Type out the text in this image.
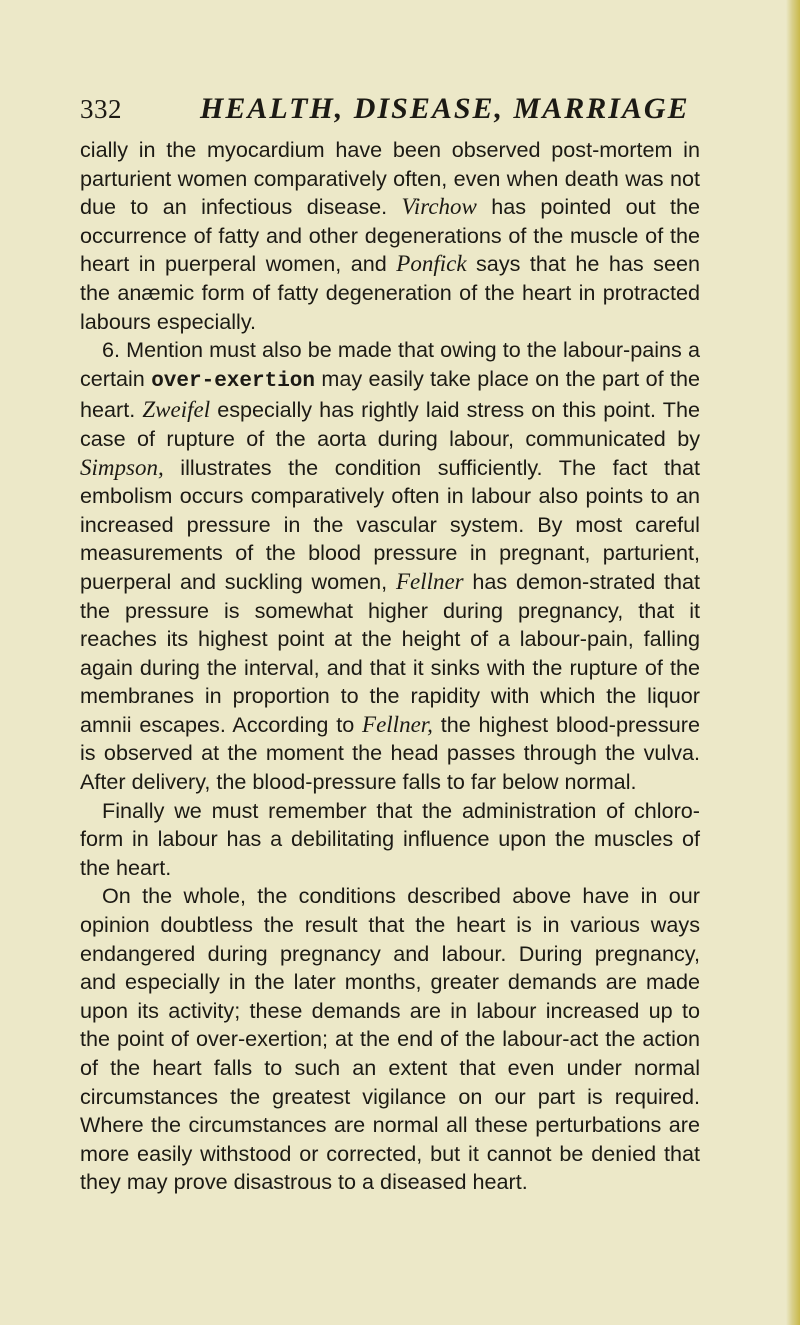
332	HEALTH, DISEASE, MARRIAGE

cially in the myocardium have been observed post-mortem in parturient women comparatively often, even when death was not due to an infectious disease. Virchow has pointed out the occurrence of fatty and other degenerations of the muscle of the heart in puerperal women, and Ponfick says that he has seen the anæmic form of fatty degeneration of the heart in protracted labours especially.

6. Mention must also be made that owing to the labour-pains a certain over-exertion may easily take place on the part of the heart. Zweifel especially has rightly laid stress on this point. The case of rupture of the aorta during labour, communicated by Simpson, illustrates the condition sufficiently. The fact that embolism occurs comparatively often in labour also points to an increased pressure in the vascular system. By most careful measurements of the blood pressure in pregnant, parturient, puerperal and suckling women, Fellner has demon-strated that the pressure is somewhat higher during pregnancy, that it reaches its highest point at the height of a labour-pain, falling again during the interval, and that it sinks with the rupture of the membranes in proportion to the rapidity with which the liquor amnii escapes. According to Fellner, the highest blood-pressure is observed at the moment the head passes through the vulva. After delivery, the blood-pressure falls to far below normal.

Finally we must remember that the administration of chloro-form in labour has a debilitating influence upon the muscles of the heart.

On the whole, the conditions described above have in our opinion doubtless the result that the heart is in various ways endangered during pregnancy and labour. During pregnancy, and especially in the later months, greater demands are made upon its activity; these demands are in labour increased up to the point of over-exertion; at the end of the labour-act the action of the heart falls to such an extent that even under normal circumstances the greatest vigilance on our part is required. Where the circumstances are normal all these perturbations are more easily withstood or corrected, but it cannot be denied that they may prove disastrous to a diseased heart.
